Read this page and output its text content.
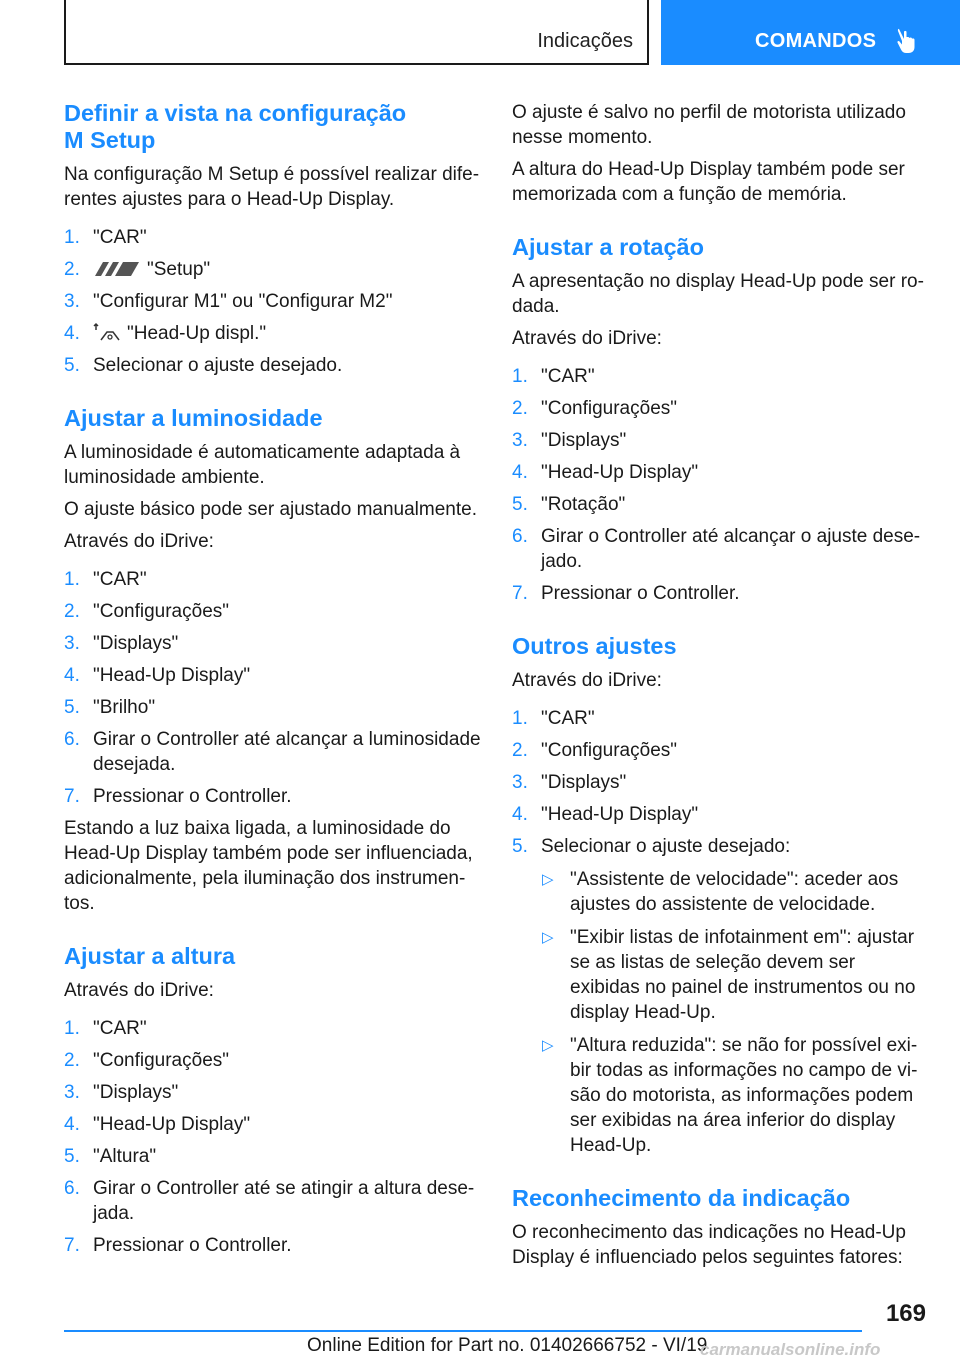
Indicações	COMANDOS
Definir a vista na configuração
M Setup

Na configuração M Setup é possível realizar dife-rentes ajustes para o Head-Up Display.

1. "CAR"
2.	"Setup"
3. "Configurar M1" ou "Configurar M2"
4. "Head-Up displ."
5. Selecionar o ajuste desejado.
Ajustar a luminosidade

A luminosidade é automaticamente adaptada à luminosidade ambiente.

O ajuste básico pode ser ajustado manualmente.

Através do iDrive:

1. "CAR"
2. "Configurações"
3. "Displays"
4. "Head-Up Display"
5. "Brilho"
6. Girar o Controller até alcançar a luminosidade desejada.
7. Pressionar o Controller.

Estando a luz baixa ligada, a luminosidade do Head-Up Display também pode ser influenciada, adicionalmente, pela iluminação dos instrumen-tos.

Ajustar a altura

Através do iDrive:

1. "CAR"
2. "Configurações"
3. "Displays"
4. "Head-Up Display"
5. "Altura"
6. Girar o Controller até se atingir a altura dese-jada.
7. Pressionar o Controller.

O ajuste é salvo no perfil de motorista utilizado nesse momento.

A altura do Head-Up Display também pode ser memorizada com a função de memória.

Ajustar a rotação

A apresentação no display Head-Up pode ser ro-dada.

Através do iDrive:

1. "CAR"
2. "Configurações"
3. "Displays"
4. "Head-Up Display"
5. "Rotação"
6. Girar o Controller até alcançar o ajuste dese-jado.
7. Pressionar o Controller.
Outros ajustes

Através do iDrive:

1. "CAR"
2. "Configurações"
3. "Displays"
4. "Head-Up Display"
5. Selecionar o ajuste desejado:
▷ "Assistente de velocidade": aceder aos ajustes do assistente de velocidade.
▷ "Exibir listas de infotainment em": ajustar se as listas de seleção devem ser exibidas no painel de instrumentos ou no display Head-Up.
▷ "Altura reduzida": se não for possível exi-bir todas as informações no campo de vi-são do motorista, as informações podem ser exibidas na área inferior do display Head-Up.
Reconhecimento da indicação

O reconhecimento das indicações no Head-Up Display é influenciado pelos seguintes fatores:

169
Online Edition for Part no. 01402666752 - VI/19
carmanualsonline.info
